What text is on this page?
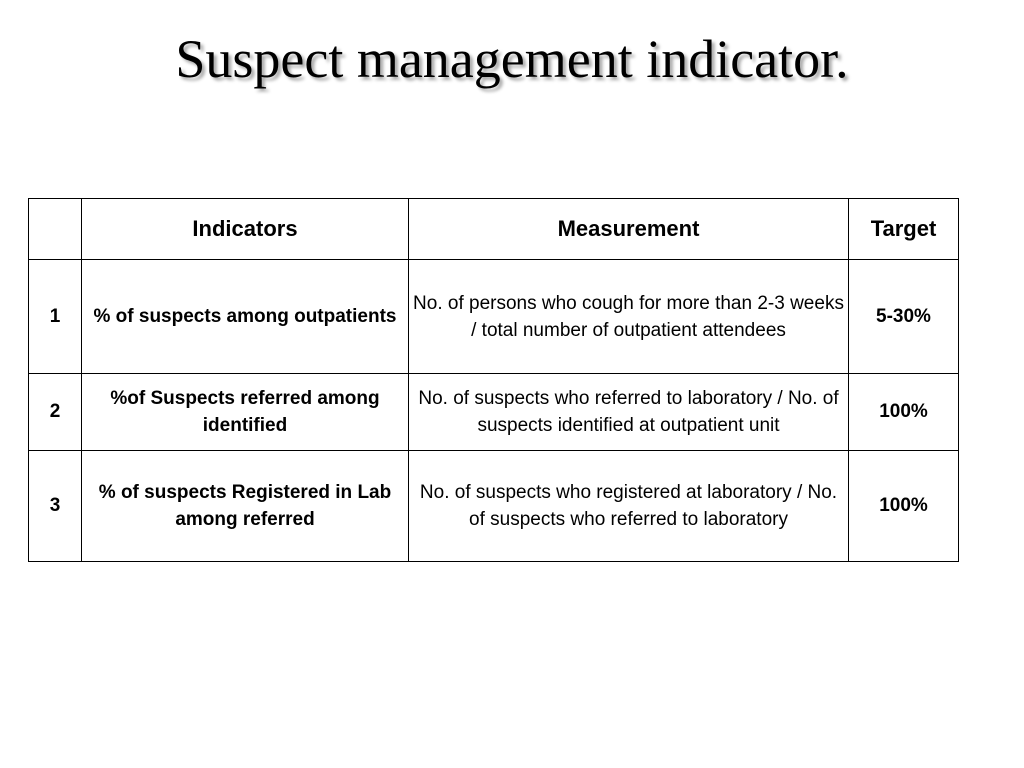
Suspect management indicator.
	Indicators	Measurement	Target
1	% of suspects among outpatients	No. of persons who cough for more than 2-3 weeks / total number of outpatient attendees	5-30%
2	%of Suspects referred among identified	No. of suspects who referred to laboratory / No. of suspects identified at outpatient unit	100%
3	% of suspects Registered in Lab among referred	No. of suspects who registered at laboratory / No. of suspects who referred to laboratory	100%
